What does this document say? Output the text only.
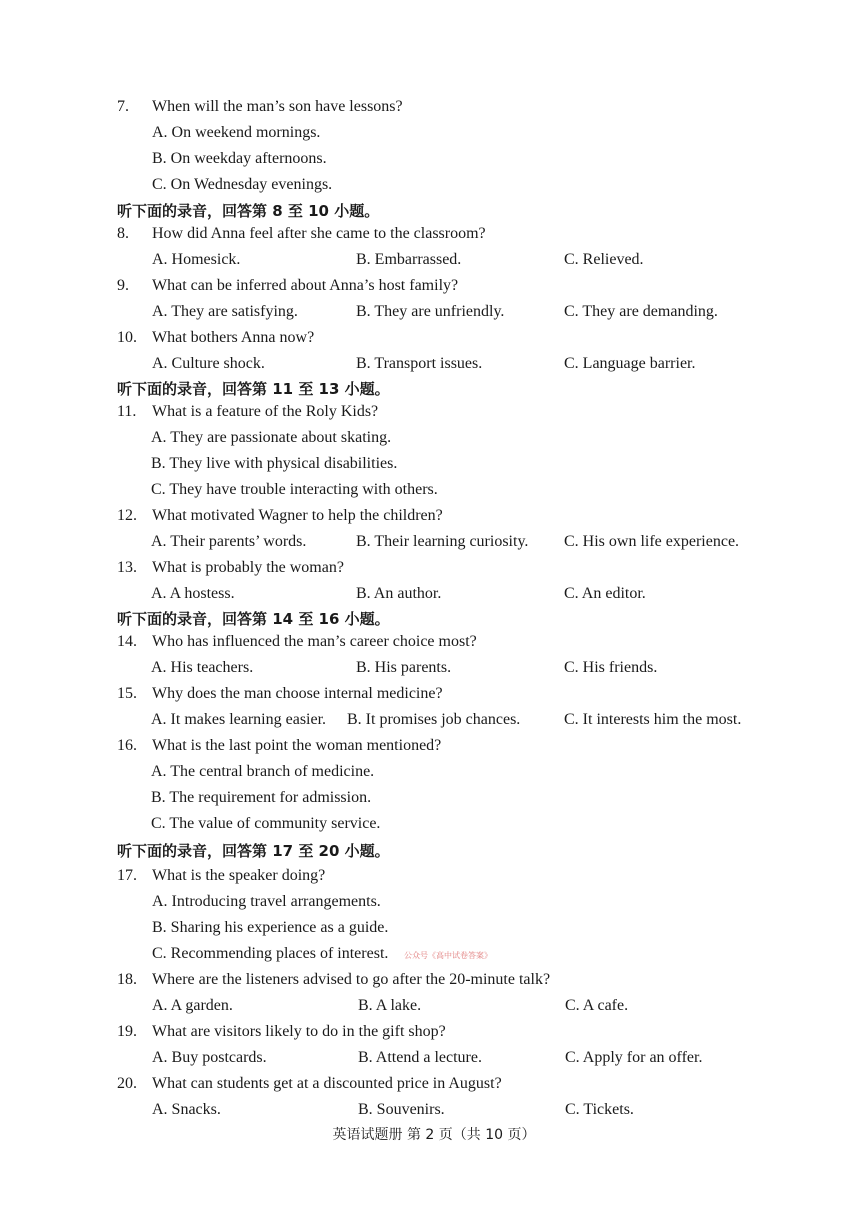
7. When will the man’s son have lessons?
A. On weekend mornings.
B. On weekday afternoons.
C. On Wednesday evenings.
听下面的录音，回答第 8 至 10 小题。
8. How did Anna feel after she came to the classroom?
A. Homesick.	B. Embarrassed.	C. Relieved.
9. What can be inferred about Anna’s host family?
A. They are satisfying.	B. They are unfriendly.	C. They are demanding.
10. What bothers Anna now?
A. Culture shock.	B. Transport issues.	C. Language barrier.
听下面的录音，回答第 11 至 13 小题。
11. What is a feature of the Roly Kids?
A. They are passionate about skating.
B. They live with physical disabilities.
C. They have trouble interacting with others.
12. What motivated Wagner to help the children?
A. Their parents’ words.	B. Their learning curiosity. C. His own life experience.
13. What is probably the woman?
A. A hostess.	B. An author.	C. An editor.
听下面的录音，回答第 14 至 16 小题。
14. Who has influenced the man’s career choice most?
A. His teachers.	B. His parents.	C. His friends.
15. Why does the man choose internal medicine?
A. It makes learning easier. B. It promises job chances.	C. It interests him the most.
16. What is the last point the woman mentioned?
A. The central branch of medicine.
B. The requirement for admission.
C. The value of community service.
听下面的录音，回答第 17 至 20 小题。
17. What is the speaker doing?
A. Introducing travel arrangements.
B. Sharing his experience as a guide.
C. Recommending places of interest. 公众号《高中试卷答案》
18. Where are the listeners advised to go after the 20-minute talk?
A. A garden.	B. A lake.	C. A cafe.
19. What are visitors likely to do in the gift shop?
A. Buy postcards.	B. Attend a lecture.	C. Apply for an offer.
20. What can students get at a discounted price in August?
A. Snacks.	B. Souvenirs.	C. Tickets.
英语试题册 第 2 页（共 10 页）
